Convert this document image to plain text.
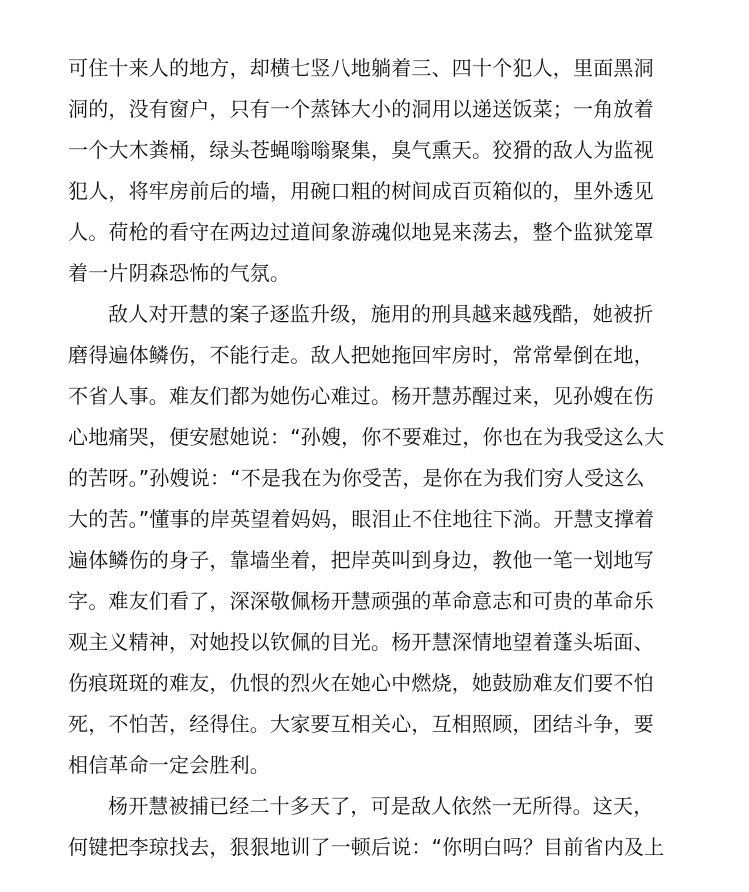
可住十来人的地方，却横七竖八地躺着三、四十个犯人，里面黑洞
洞的，没有窗户，只有一个蒸钵大小的洞用以递送饭菜；一角放着
一个大木粪桶，绿头苍蝇嗡嗡聚集，臭气熏天。狡猾的敌人为监视
犯人，将牢房前后的墙，用碗口粗的树间成百页箱似的，里外透见
人。荷枪的看守在两边过道间象游魂似地晃来荡去，整个监狱笼罩
着一片阴森恐怖的气氛。
敌人对开慧的案子逐监升级，施用的刑具越来越残酷，她被折
磨得遍体鳞伤，不能行走。敌人把她拖回牢房时，常常晕倒在地，
不省人事。难友们都为她伤心难过。杨开慧苏醒过来，见孙嫂在伤
心地痛哭，便安慰她说：“孙嫂，你不要难过，你也在为我受这么大
的苦呀。”孙嫂说：“不是我在为你受苦，是你在为我们穷人受这么
大的苦。”懂事的岸英望着妈妈，眼泪止不住地往下淌。开慧支撑着
遍体鳞伤的身子，靠墙坐着，把岸英叫到身边，教他一笔一划地写
字。难友们看了，深深敬佩杨开慧顽强的革命意志和可贵的革命乐
观主义精神，对她投以钦佩的目光。杨开慧深情地望着蓬头垢面、
伤痕斑斑的难友，仇恨的烈火在她心中燃烧，她鼓励难友们要不怕
死，不怕苦，经得住。大家要互相关心，互相照顾，团结斗争，要
相信革命一定会胜利。
杨开慧被捕已经二十多天了，可是敌人依然一无所得。这天，
何键把李琼找去，狠狠地训了一顿后说：“你明白吗？目前省内及上
